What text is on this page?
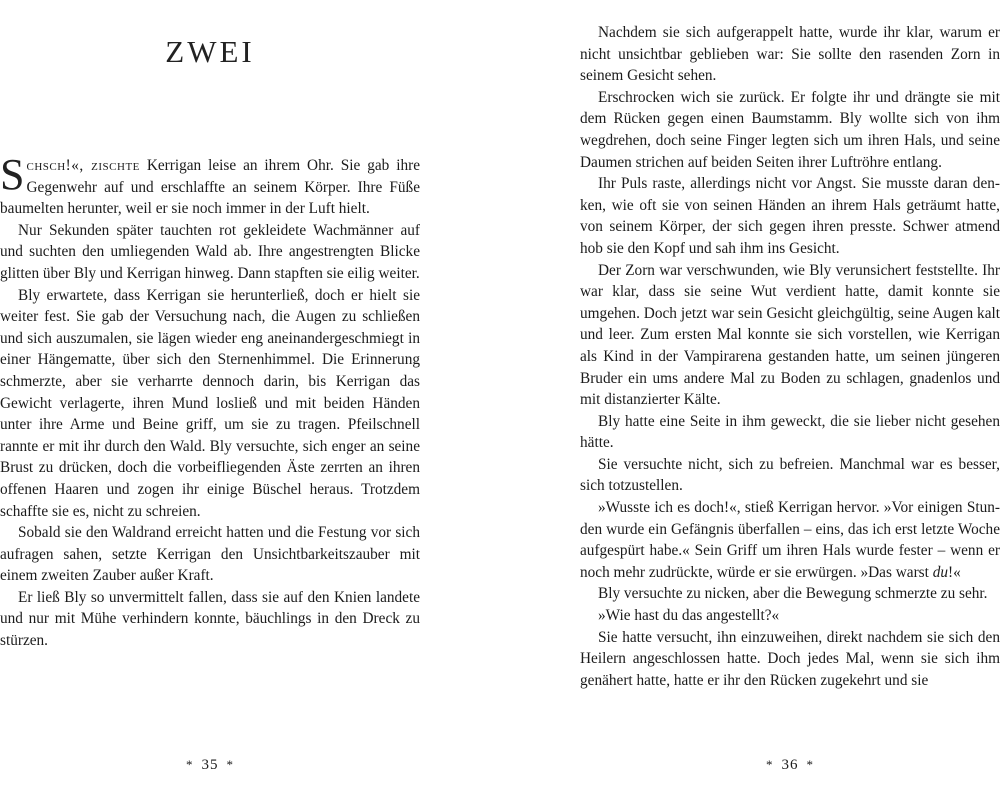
ZWEI

Schsch!«, zischte Kerrigan leise an ihrem Ohr. Sie gab ihre Gegenwehr auf und erschlaffte an seinem Körper. Ihre Füße baumelten herunter, weil er sie noch immer in der Luft hielt.

Nur Sekunden später tauchten rot gekleidete Wachmänner auf und suchten den umliegenden Wald ab. Ihre angestrengten Blicke glitten über Bly und Kerrigan hinweg. Dann stapften sie eilig weiter.

Bly erwartete, dass Kerrigan sie herunterließ, doch er hielt sie weiter fest. Sie gab der Versuchung nach, die Augen zu schließen und sich auszumalen, sie lägen wieder eng aneinandergeschmiegt in einer Hängematte, über sich den Sternenhimmel. Die Erinnerung schmerzte, aber sie verharrte dennoch darin, bis Kerrigan das Gewicht verlagerte, ihren Mund losließ und mit beiden Händen unter ihre Arme und Beine griff, um sie zu tragen. Pfeilschnell rannte er mit ihr durch den Wald. Bly versuchte, sich enger an seine Brust zu drücken, doch die vorbeifliegenden Äste zerrten an ihren offenen Haaren und zogen ihr einige Büschel heraus. Trotzdem schaffte sie es, nicht zu schreien.

Sobald sie den Waldrand erreicht hatten und die Festung vor sich aufragen sahen, setzte Kerrigan den Unsichtbarkeitszauber mit einem zweiten Zauber außer Kraft.

Er ließ Bly so unvermittelt fallen, dass sie auf den Knien landete und nur mit Mühe verhindern konnte, bäuchlings in den Dreck zu stürzen.

* 35 *

Nachdem sie sich aufgerappelt hatte, wurde ihr klar, warum er nicht unsichtbar geblieben war: Sie sollte den rasenden Zorn in seinem Gesicht sehen.

Erschrocken wich sie zurück. Er folgte ihr und drängte sie mit dem Rücken gegen einen Baumstamm. Bly wollte sich von ihm wegdrehen, doch seine Finger legten sich um ihren Hals, und seine Daumen strichen auf beiden Seiten ihrer Luftröhre entlang.

Ihr Puls raste, allerdings nicht vor Angst. Sie musste daran denken, wie oft sie von seinen Händen an ihrem Hals geträumt hatte, von seinem Körper, der sich gegen ihren presste. Schwer atmend hob sie den Kopf und sah ihm ins Gesicht.

Der Zorn war verschwunden, wie Bly verunsichert feststellte. Ihr war klar, dass sie seine Wut verdient hatte, damit konnte sie umgehen. Doch jetzt war sein Gesicht gleichgültig, seine Augen kalt und leer. Zum ersten Mal konnte sie sich vorstellen, wie Kerrigan als Kind in der Vampirarena gestanden hatte, um seinen jüngeren Bruder ein ums andere Mal zu Boden zu schlagen, gnadenlos und mit distanzierter Kälte.

Bly hatte eine Seite in ihm geweckt, die sie lieber nicht gesehen hätte.

Sie versuchte nicht, sich zu befreien. Manchmal war es besser, sich totzustellen.

»Wusste ich es doch!«, stieß Kerrigan hervor. »Vor einigen Stunden wurde ein Gefängnis überfallen – eins, das ich erst letzte Woche aufgespürt habe.« Sein Griff um ihren Hals wurde fester – wenn er noch mehr zudrückte, würde er sie erwürgen. »Das warst du!«

Bly versuchte zu nicken, aber die Bewegung schmerzte zu sehr.

»Wie hast du das angestellt?«

Sie hatte versucht, ihn einzuweihen, direkt nachdem sie sich den Heilern angeschlossen hatte. Doch jedes Mal, wenn sie sich ihm genähert hatte, hatte er ihr den Rücken zugekehrt und sie

* 36 *
